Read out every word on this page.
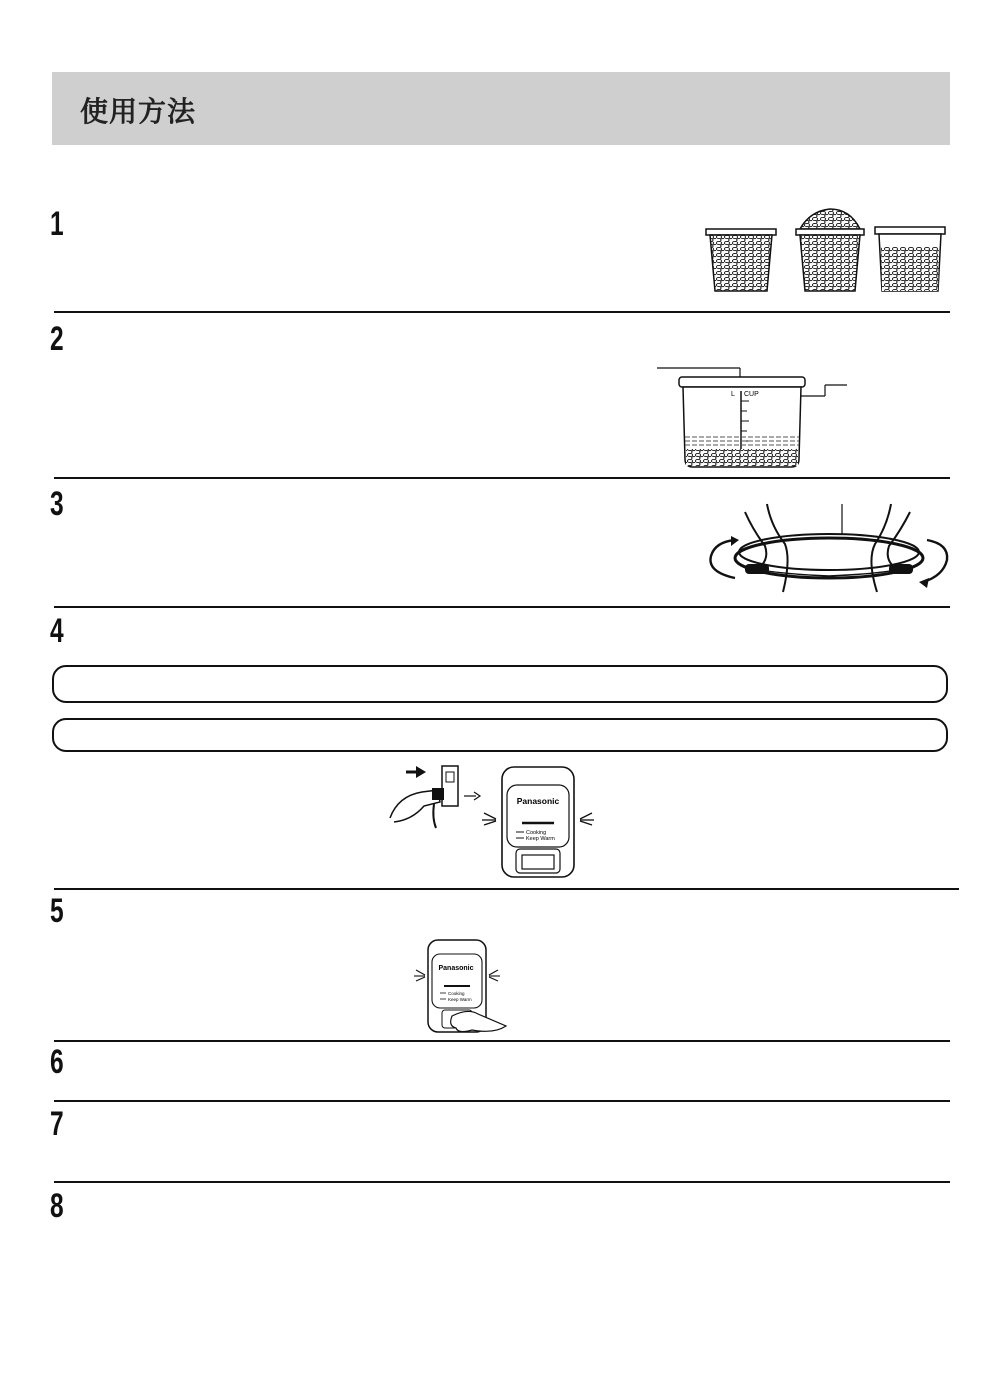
使用方法
1
2
3
4
5
6
7
8
L CUP
Panasonic
Cooking
Keep Warm
Panasonic
Cooking
Keep Warm
